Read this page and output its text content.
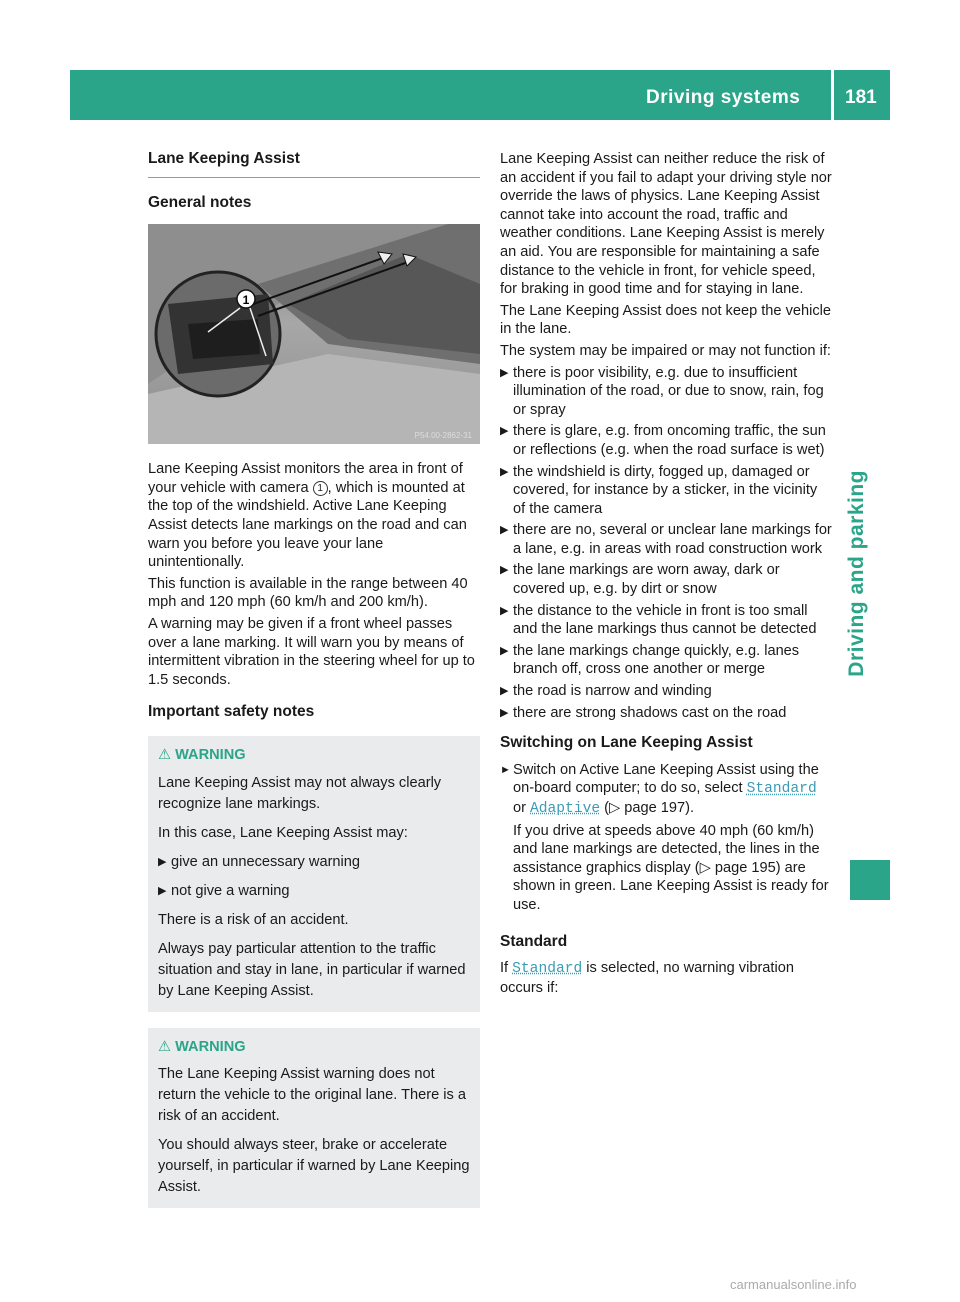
Driving systems 181
Driving and parking
Lane Keeping Assist
General notes
1
P54.00-2862-31

Lane Keeping Assist monitors the area in front of your vehicle with camera 1 , which is mounted at the top of the windshield. Active Lane Keeping Assist detects lane markings on the road and can warn you before you leave your lane unintentionally.

This function is available in the range between 40 mph and 120 mph (60 km/h and 200 km/h).

A warning may be given if a front wheel passes over a lane marking. It will warn you by means of intermittent vibration in the steering wheel for up to 1.5 seconds.

Important safety notes
⚠ WARNING

Lane Keeping Assist may not always clearly recognize lane markings.

In this case, Lane Keeping Assist may:

▶ give an unnecessary warning
▶ not give a warning

There is a risk of an accident.

Always pay particular attention to the traffic situation and stay in lane, in particular if warned by Lane Keeping Assist.

⚠ WARNING

The Lane Keeping Assist warning does not return the vehicle to the original lane. There is a risk of an accident.

You should always steer, brake or accelerate yourself, in particular if warned by Lane Keeping Assist.

Lane Keeping Assist can neither reduce the risk of an accident if you fail to adapt your driving style nor override the laws of physics. Lane Keeping Assist cannot take into account the road, traffic and weather conditions. Lane Keeping Assist is merely an aid. You are responsible for maintaining a safe distance to the vehicle in front, for vehicle speed, for braking in good time and for staying in lane.

The Lane Keeping Assist does not keep the vehicle in the lane.

The system may be impaired or may not function if:

▶ there is poor visibility, e.g. due to insufficient illumination of the road, or due to snow, rain, fog or spray
▶ there is glare, e.g. from oncoming traffic, the sun or reflections (e.g. when the road surface is wet)
▶ the windshield is dirty, fogged up, damaged or covered, for instance by a sticker, in the vicinity of the camera
▶ there are no, several or unclear lane markings for a lane, e.g. in areas with road construction work
▶ the lane markings are worn away, dark or covered up, e.g. by dirt or snow
▶ the distance to the vehicle in front is too small and the lane markings thus cannot be detected
▶ the lane markings change quickly, e.g. lanes branch off, cross one another or merge
▶ the road is narrow and winding
▶ there are strong shadows cast on the road
Switching on Lane Keeping Assist
► Switch on Active Lane Keeping Assist using the on-board computer; to do so, select Standard or Adaptive (▷ page 197).

If you drive at speeds above 40 mph (60 km/h) and lane markings are detected, the lines in the assistance graphics display (▷ page 195) are shown in green. Lane Keeping Assist is ready for use.

Standard

If Standard is selected, no warning vibration occurs if:

carmanualsonline.info
